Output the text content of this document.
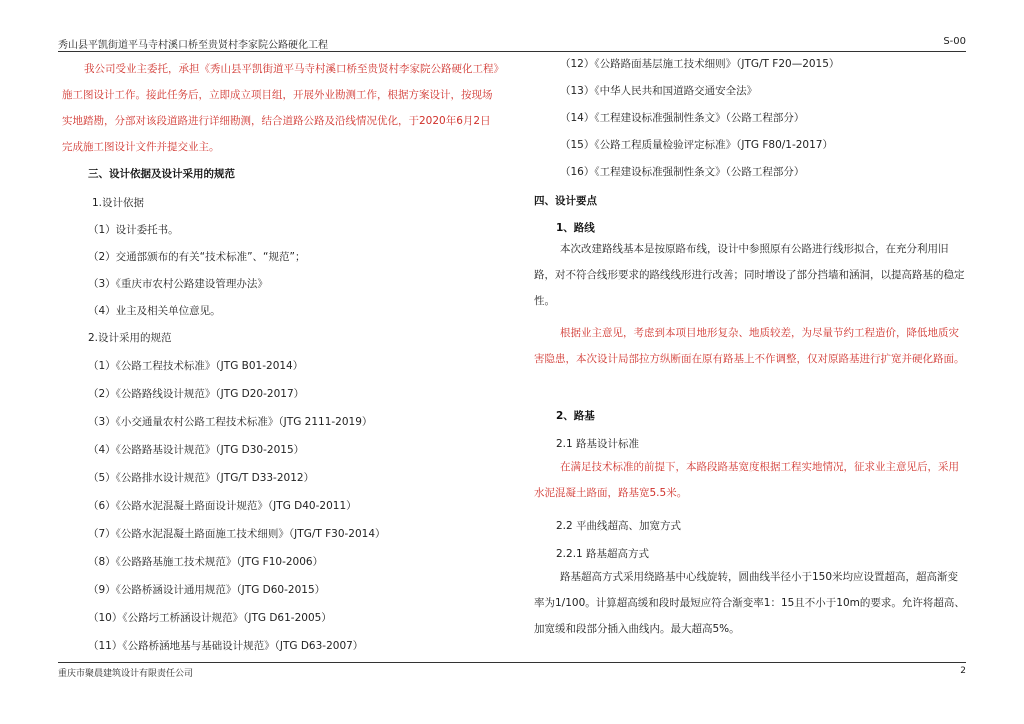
秀山县平凯街道平马寺村溪口桥至贵贤村李家院公路硬化工程	S-00
我公司受业主委托，承担《秀山县平凯街道平马寺村溪口桥至贵贤村李家院公路硬化工程》施工图设计工作。接此任务后，立即成立项目组，开展外业勘测工作，根据方案设计，按现场实地踏勘，分部对该段道路进行详细勘测，结合道路公路及沿线情况优化，于2020年6月2日完成施工图设计文件并提交业主。
三、设计依据及设计采用的规范
1.设计依据
（1）设计委托书。
（2）交通部颁布的有关“技术标准”、“规范”；
（3）《重庆市农村公路建设管理办法》
（4）业主及相关单位意见。
2.设计采用的规范
（1）《公路工程技术标准》（JTG B01-2014）
（2）《公路路线设计规范》（JTG D20-2017）
（3）《小交通量农村公路工程技术标准》（JTG 2111-2019）
（4）《公路路基设计规范》（JTG D30-2015）
（5）《公路排水设计规范》（JTG/T D33-2012）
（6）《公路水泥混凝土路面设计规范》（JTG D40-2011）
（7）《公路水泥混凝土路面施工技术细则》（JTG/T F30-2014）
（8）《公路路基施工技术规范》（JTG F10-2006）
（9）《公路桥涵设计通用规范》（JTG D60-2015）
（10）《公路圬工桥涵设计规范》（JTG D61-2005）
（11）《公路桥涵地基与基础设计规范》（JTG D63-2007）
（12）《公路路面基层施工技术细则》（JTG/T F20—2015）
（13）《中华人民共和国道路交通安全法》
（14）《工程建设标准强制性条文》（公路工程部分）
（15）《公路工程质量检验评定标准》（JTG F80/1-2017）
（16）《工程建设标准强制性条文》（公路工程部分）
四、设计要点
1、路线
本次改建路线基本是按原路布线，设计中参照原有公路进行线形拟合，在充分利用旧路，对不符合线形要求的路线线形进行改善；同时增设了部分挡墙和涵洞，以提高路基的稳定性。
根据业主意见，考虑到本项目地形复杂、地质较差，为尽量节约工程造价，降低地质灾害隐患，本次设计局部拉方纵断面在原有路基上不作调整，仅对原路基进行扩宽并硬化路面。
2、路基
2.1 路基设计标准
在满足技术标准的前提下，本路段路基宽度根据工程实地情况，征求业主意见后，采用水泥混凝土路面，路基宽5.5米。
2.2 平曲线超高、加宽方式
2.2.1 路基超高方式
路基超高方式采用绕路基中心线旋转，圆曲线半径小于150米均应设置超高，超高渐变率为1/100。计算超高缓和段时最短应符合渐变率1：15且不小于10m的要求。允许将超高、加宽缓和段部分插入曲线内。最大超高5%。
重庆市聚晨建筑设计有限责任公司	2
